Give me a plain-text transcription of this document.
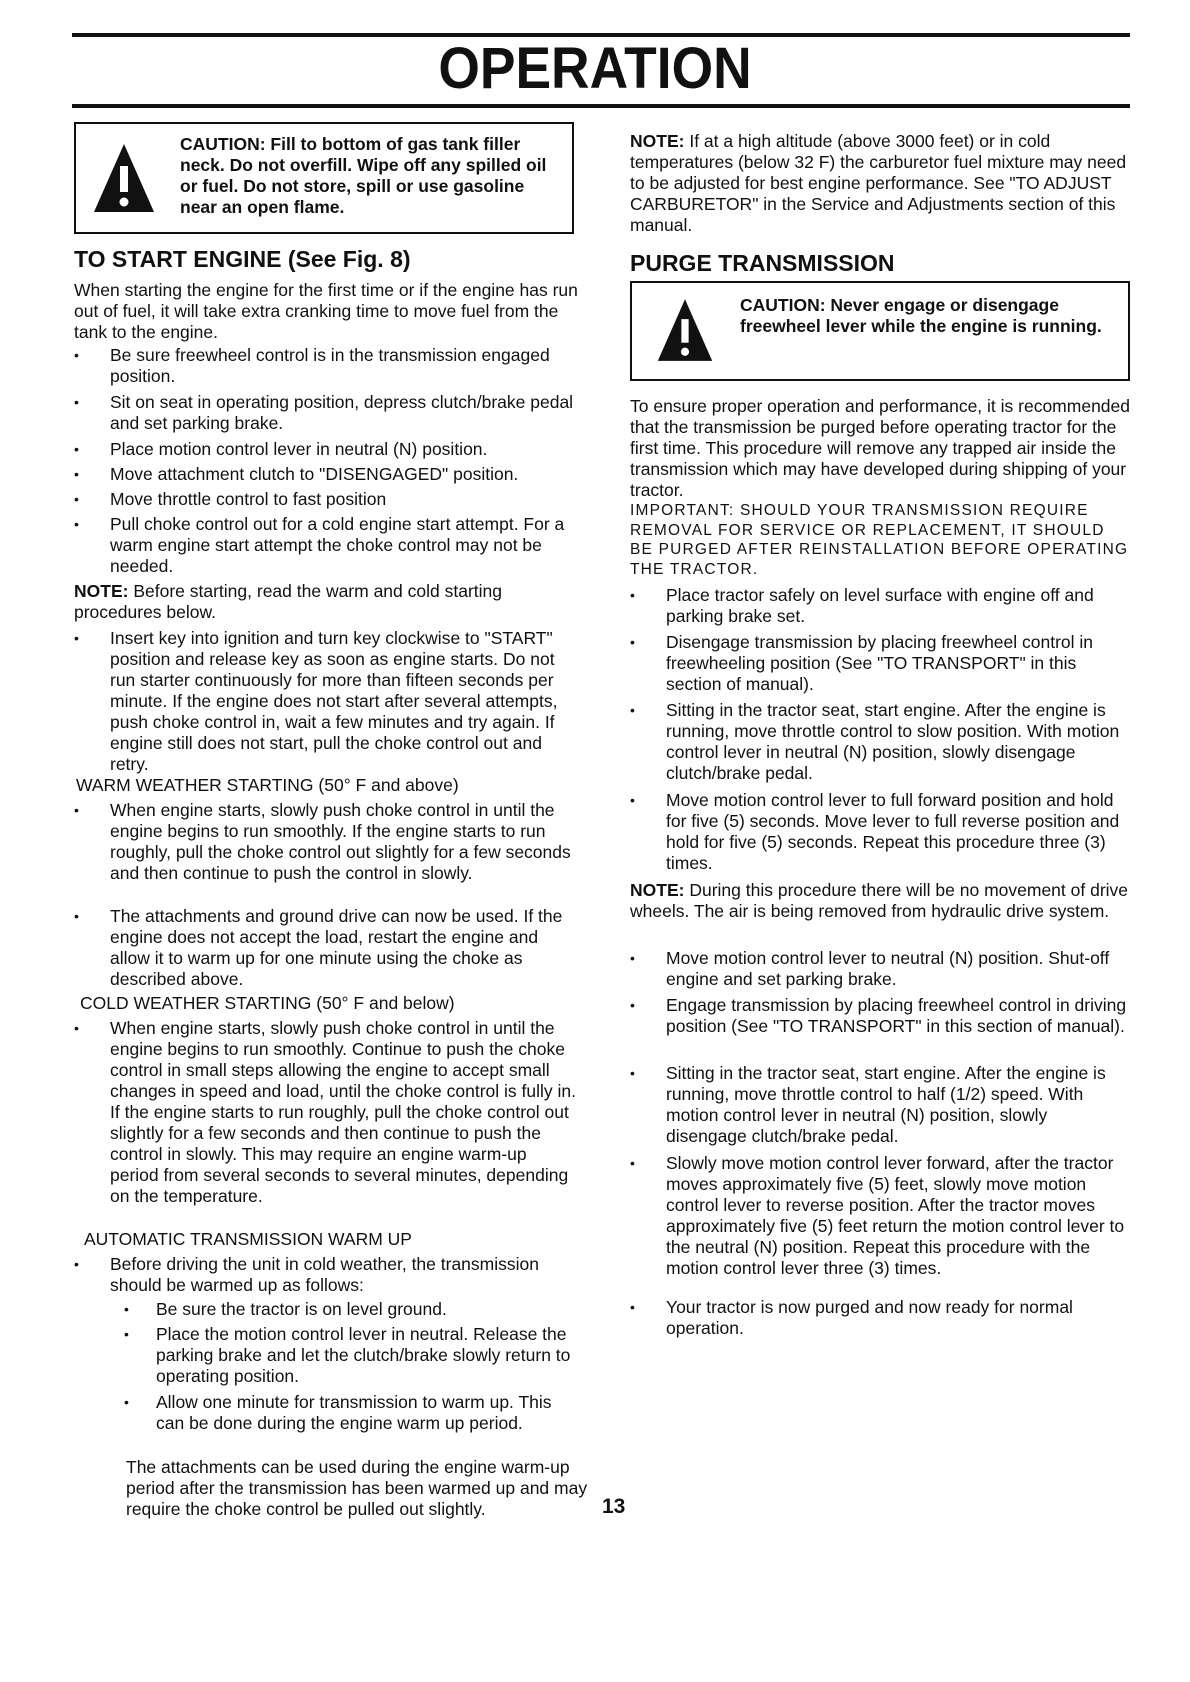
OPERATION
CAUTION: Fill to bottom of gas tank filler neck. Do not overfill. Wipe off any spilled oil or fuel. Do not store, spill or use gasoline near an open flame.
TO START ENGINE (See Fig. 8)

When starting the engine for the first time or if the engine has run out of fuel, it will take extra cranking time to move fuel from the tank to the engine.

• Be sure freewheel control is in the transmission engaged position.
• Sit on seat in operating position, depress clutch/brake pedal and set parking brake.
• Place motion control lever in neutral (N) position.
• Move attachment clutch to "DISENGAGED" position.
• Move throttle control to fast position
• Pull choke control out for a cold engine start attempt. For a warm engine start attempt the choke control may not be needed.

NOTE: Before starting, read the warm and cold starting procedures below.

• Insert key into ignition and turn key clockwise to "START" position and release key as soon as engine starts. Do not run starter continuously for more than fifteen seconds per minute. If the engine does not start after several attempts, push choke control in, wait a few minutes and try again. If engine still does not start, pull the choke control out and retry.
WARM WEATHER STARTING (50° F and above)
• When engine starts, slowly push choke control in until the engine begins to run smoothly. If the engine starts to run roughly, pull the choke control out slightly for a few seconds and then continue to push the control in slowly.
• The attachments and ground drive can now be used. If the engine does not accept the load, restart the engine and allow it to warm up for one minute using the choke as described above.
COLD WEATHER STARTING (50° F and below)
• When engine starts, slowly push choke control in until the engine begins to run smoothly. Continue to push the choke control in small steps allowing the engine to accept small changes in speed and load, until the choke control is fully in. If the engine starts to run roughly, pull the choke control out slightly for a few seconds and then continue to push the control in slowly. This may require an engine warm-up period from several seconds to several minutes, depending on the temperature.
AUTOMATIC TRANSMISSION WARM UP
• Before driving the unit in cold weather, the transmission should be warmed up as follows:
• Be sure the tractor is on level ground.
• Place the motion control lever in neutral. Release the parking brake and let the clutch/brake slowly return to operating position.
• Allow one minute for transmission to warm up. This can be done during the engine warm up period.

The attachments can be used during the engine warm-up period after the transmission has been warmed up and may require the choke control be pulled out slightly.

NOTE: If at a high altitude (above 3000 feet) or in cold temperatures (below 32 F) the carburetor fuel mixture may need to be adjusted for best engine performance. See "TO ADJUST CARBURETOR" in the Service and Adjustments section of this manual.

PURGE TRANSMISSION
CAUTION: Never engage or disengage freewheel lever while the engine is running.

To ensure proper operation and performance, it is recommended that the transmission be purged before operating tractor for the first time. This procedure will remove any trapped air inside the transmission which may have developed during shipping of your tractor.

IMPORTANT: SHOULD YOUR TRANSMISSION REQUIRE REMOVAL FOR SERVICE OR REPLACEMENT, IT SHOULD BE PURGED AFTER REINSTALLATION BEFORE OPERATING THE TRACTOR.

• Place tractor safely on level surface with engine off and parking brake set.
• Disengage transmission by placing freewheel control in freewheeling position (See "TO TRANSPORT" in this section of manual).
• Sitting in the tractor seat, start engine. After the engine is running, move throttle control to slow position. With motion control lever in neutral (N) position, slowly disengage clutch/brake pedal.
• Move motion control lever to full forward position and hold for five (5) seconds. Move lever to full reverse position and hold for five (5) seconds. Repeat this procedure three (3) times.

NOTE: During this procedure there will be no movement of drive wheels. The air is being removed from hydraulic drive system.

• Move motion control lever to neutral (N) position. Shut-off engine and set parking brake.
• Engage transmission by placing freewheel control in driving position (See "TO TRANSPORT" in this section of manual).
• Sitting in the tractor seat, start engine. After the engine is running, move throttle control to half (1/2) speed. With motion control lever in neutral (N) position, slowly disengage clutch/brake pedal.
• Slowly move motion control lever forward, after the tractor moves approximately five (5) feet, slowly move motion control lever to reverse position. After the tractor moves approximately five (5) feet return the motion control lever to the neutral (N) position. Repeat this procedure with the motion control lever three (3) times.
• Your tractor is now purged and now ready for normal operation.
13
